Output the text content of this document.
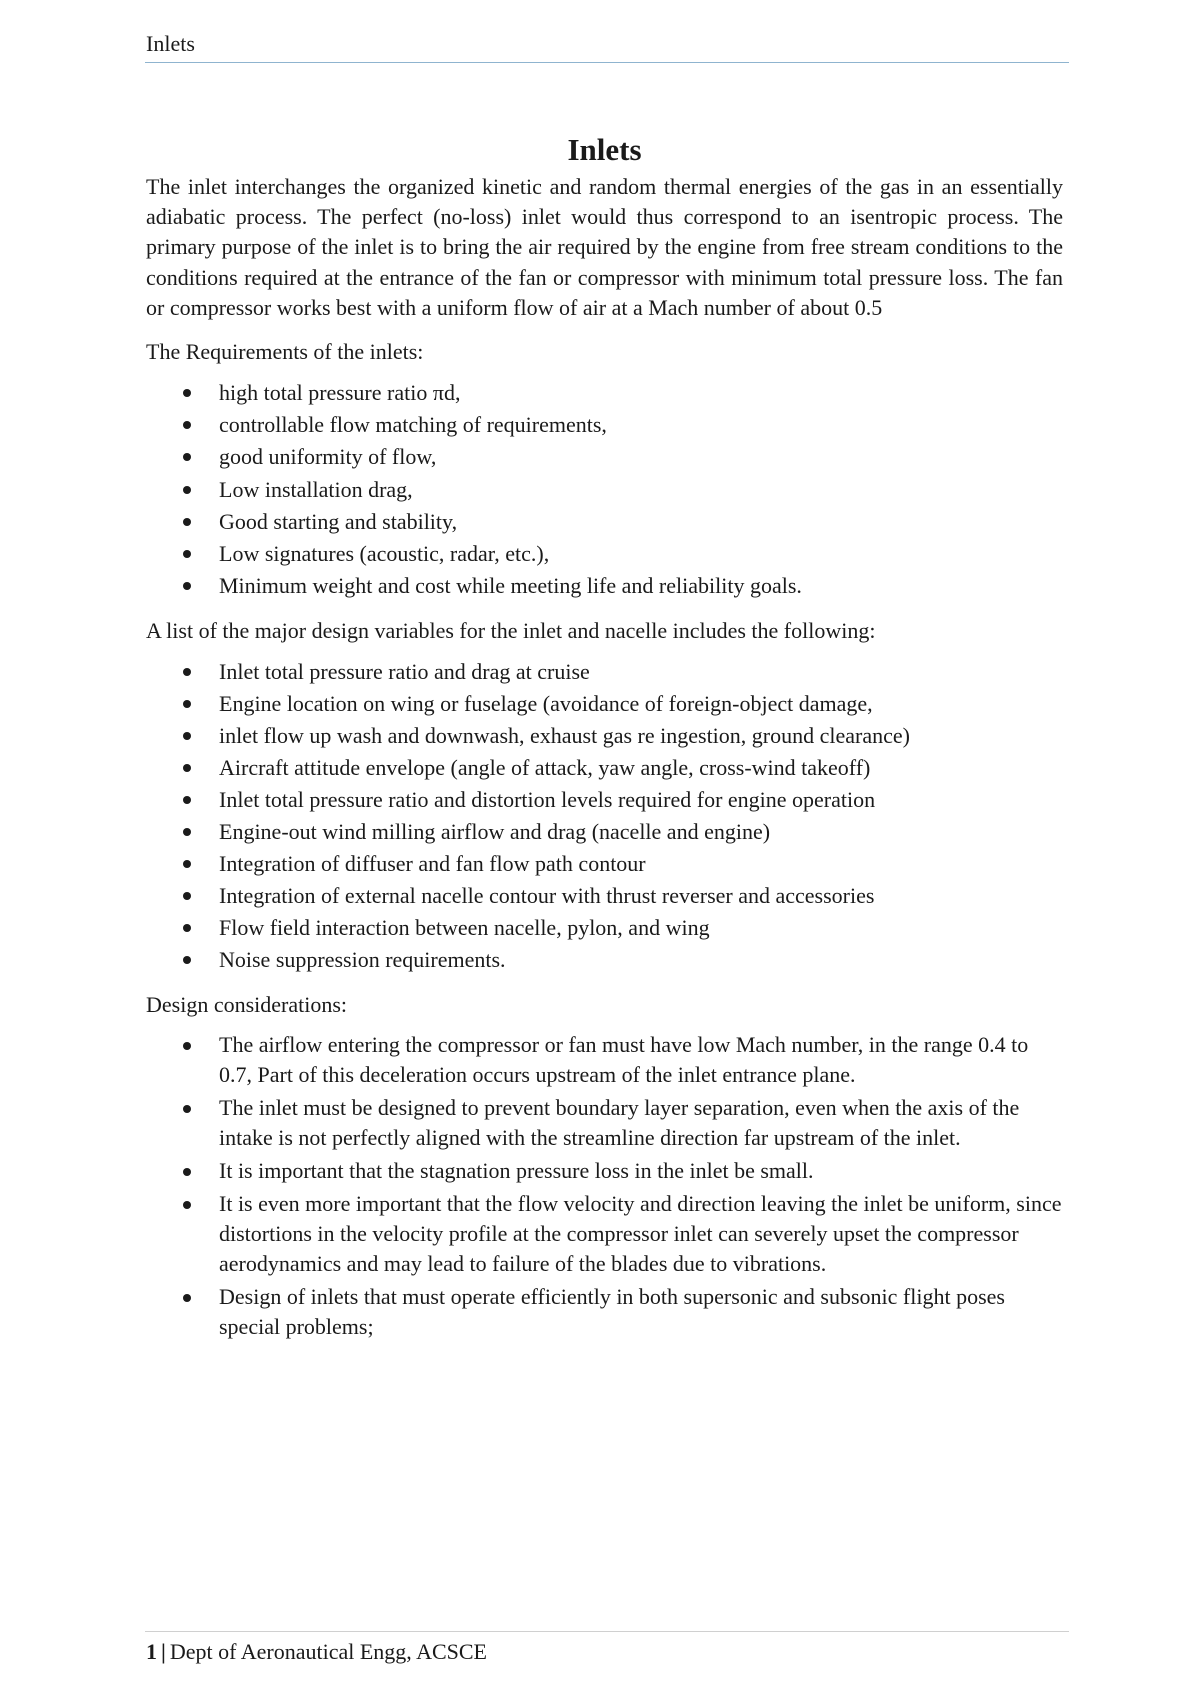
Inlets
Inlets

The inlet interchanges the organized kinetic and random thermal energies of the gas in an essentially adiabatic process. The perfect (no-loss) inlet would thus correspond to an isentropic process. The primary purpose of the inlet is to bring the air required by the engine from free stream conditions to the conditions required at the entrance of the fan or compressor with minimum total pressure loss. The fan or compressor works best with a uniform flow of air at a Mach number of about 0.5

The Requirements of the inlets:

high total pressure ratio πd,
controllable flow matching of requirements,
good uniformity of flow,
Low installation drag,
Good starting and stability,
Low signatures (acoustic, radar, etc.),
Minimum weight and cost while meeting life and reliability goals.

A list of the major design variables for the inlet and nacelle includes the following:

Inlet total pressure ratio and drag at cruise
Engine location on wing or fuselage (avoidance of foreign-object damage,
inlet flow up wash and downwash, exhaust gas re ingestion, ground clearance)
Aircraft attitude envelope (angle of attack, yaw angle, cross-wind takeoff)
Inlet total pressure ratio and distortion levels required for engine operation
Engine-out wind milling airflow and drag (nacelle and engine)
Integration of diffuser and fan flow path contour
Integration of external nacelle contour with thrust reverser and accessories
Flow field interaction between nacelle, pylon, and wing
Noise suppression requirements.

Design considerations:

The airflow entering the compressor or fan must have low Mach number, in the range 0.4 to 0.7, Part of this deceleration occurs upstream of the inlet entrance plane.
The inlet must be designed to prevent boundary layer separation, even when the axis of the intake is not perfectly aligned with the streamline direction far upstream of the inlet.
It is important that the stagnation pressure loss in the inlet be small.
It is even more important that the flow velocity and direction leaving the inlet be uniform, since distortions in the velocity profile at the compressor inlet can severely upset the compressor aerodynamics and may lead to failure of the blades due to vibrations.
Design of inlets that must operate efficiently in both supersonic and subsonic flight poses special problems;
1 | Dept of Aeronautical Engg, ACSCE
